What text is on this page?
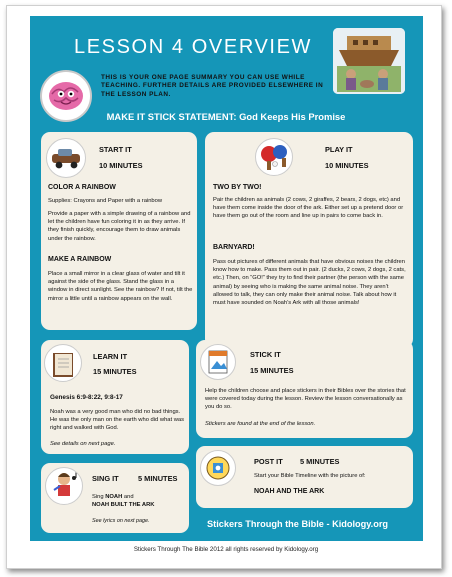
LESSON 4 OVERVIEW
THIS IS YOUR ONE PAGE SUMMARY YOU CAN USE WHILE TEACHING. FURTHER DETAILS ARE PROVIDED ELSEWHERE IN THE LESSON PLAN.
MAKE IT STICK STATEMENT: God Keeps His Promise
START IT
10 MINUTES
COLOR A RAINBOW
Supplies: Crayons and Paper with a rainbow
Provide a paper with a simple drawing of a rainbow and let the children have fun coloring it in as they arrive. If they finish quickly, encourage them to draw animals under the rainbow.
MAKE A RAINBOW
Place a small mirror in a clear glass of water and tilt it against the side of the glass. Stand the glass in a window in direct sunlight. See the rainbow? If not, tilt the mirror a little until a rainbow appears on the wall.
PLAY IT
10 MINUTES
TWO BY TWO!
Pair the children as animals (2 cows, 2 giraffes, 2 bears, 2 dogs, etc) and have them come inside the door of the ark. Either set up a pretend door or have them go out of the room and line up in pairs to come back in.
BARNYARD!
Pass out pictures of different animals that have obvious noises the children know how to make. Pass them out in pair. (2 ducks, 2 cows, 2 dogs, 2 cats, etc.) Then, on “GO!” they try to find their partner (the person with the same animal) by seeing who is making the same animal noise. They aren’t allowed to talk, they can only make their animal noise. Talk about how it must have sounded on Noah’s Ark with all those animals!
LEARN IT
15 MINUTES
Genesis 6:9-8:22, 9:8-17
Noah was a very good man who did no bad things. He was the only man on the earth who did what was right and walked with God.
See details on next page.
STICK IT
15 MINUTES
Help the children choose and place stickers in their Bibles over the stories that were covered today during the lesson. Review the lesson conversationally as you do so.
Stickers are found at the end of the lesson.
SING IT	5 MINUTES
Sing NOAH and
NOAH BUILT THE ARK
See lyrics on next page.
POST IT 5 MINUTES
Start your Bible Timeline with the picture of:
NOAH AND THE ARK
Stickers Through the Bible - Kidology.org
Stickers Through The Bible 2012 all rights reserved by Kidology.org
